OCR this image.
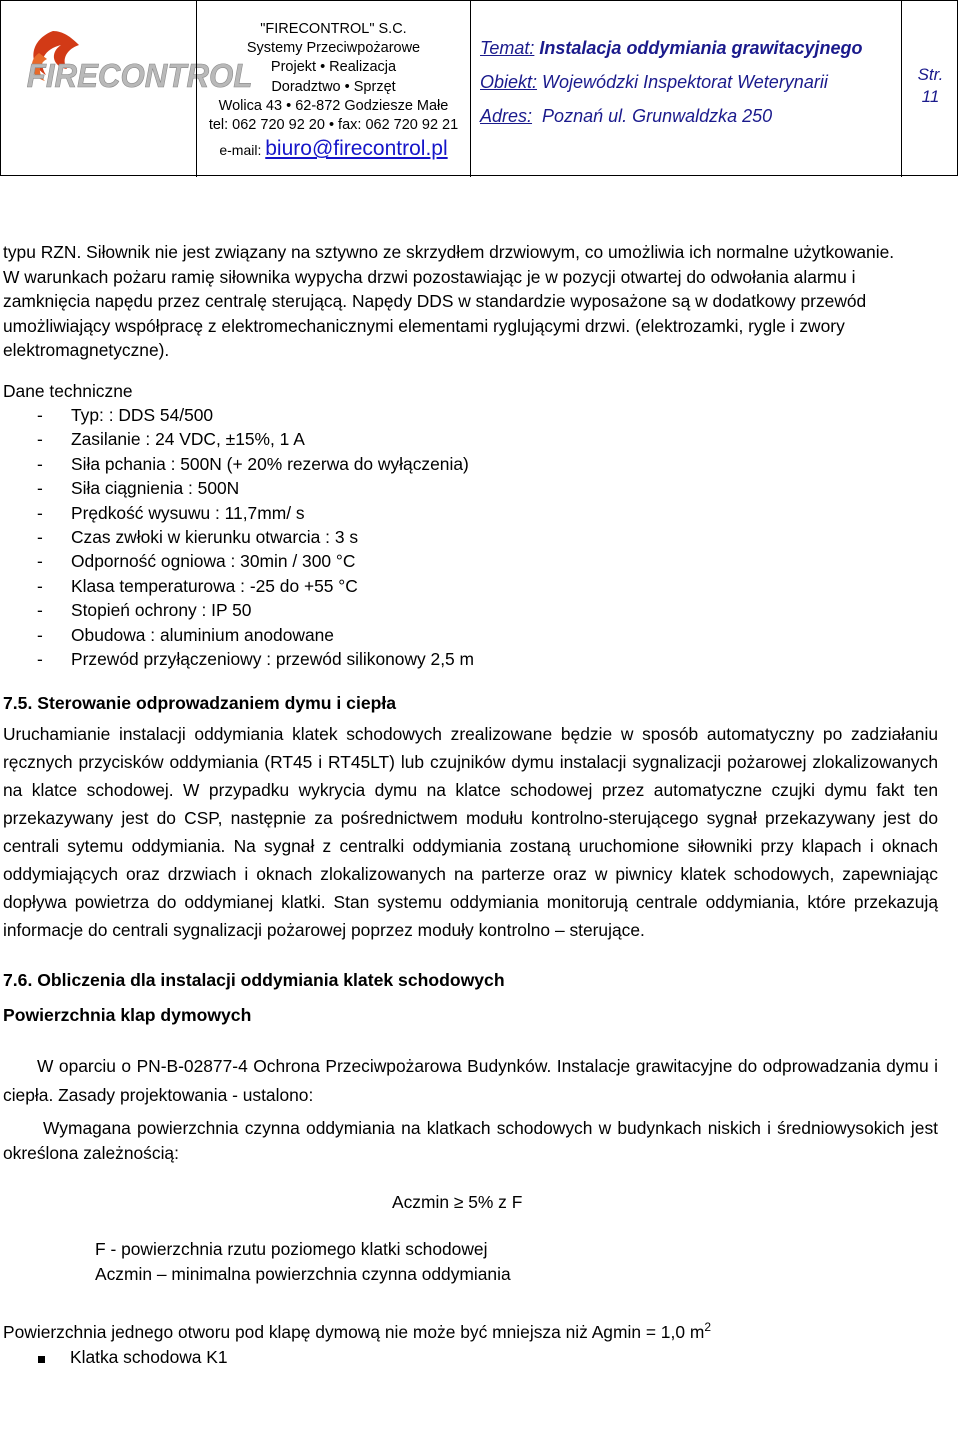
FIRECONTROL
"FIRECONTROL" S.C.
Systemy Przeciwpożarowe
Projekt • Realizacja
Doradztwo • Sprzęt
Wolica 43 • 62-872 Godziesze Małe
tel: 062 720 92 20 • fax: 062 720 92 21
e-mail: biuro@firecontrol.pl
Temat: Instalacja oddymiania grawitacyjnego
Obiekt: Wojewódzki Inspektorat Weterynarii
Adres: Poznań ul. Grunwaldzka 250
Str.
11

typu RZN. Siłownik nie jest związany na sztywno ze skrzydłem drzwiowym, co umożliwia ich normalne użytkowanie.

W warunkach pożaru ramię siłownika wypycha drzwi pozostawiając je w pozycji otwartej do odwołania alarmu i zamknięcia napędu przez centralę sterującą. Napędy DDS w standardzie wyposażone są w dodatkowy przewód umożliwiający współpracę z elektromechanicznymi elementami ryglującymi drzwi. (elektrozamki, rygle i zwory elektromagnetyczne).

Dane techniczne

- Typ: : DDS 54/500
- Zasilanie : 24 VDC, ±15%, 1 A
- Siła pchania : 500N (+ 20% rezerwa do wyłączenia)
- Siła ciągnienia : 500N
- Prędkość wysuwu : 11,7mm/ s
- Czas zwłoki w kierunku otwarcia : 3 s
- Odporność ogniowa : 30min / 300 °C
- Klasa temperaturowa : -25 do +55 °C
- Stopień ochrony : IP 50
- Obudowa : aluminium anodowane
- Przewód przyłączeniowy : przewód silikonowy 2,5 m

7.5. Sterowanie odprowadzaniem dymu i ciepła

Uruchamianie instalacji oddymiania klatek schodowych zrealizowane będzie w sposób automatyczny po zadziałaniu ręcznych przycisków oddymiania (RT45 i RT45LT) lub czujników dymu instalacji sygnalizacji pożarowej zlokalizowanych na klatce schodowej. W przypadku wykrycia dymu na klatce schodowej przez automatyczne czujki dymu fakt ten przekazywany jest do CSP, następnie za pośrednictwem modułu kontrolno-sterującego sygnał przekazywany jest do centrali sytemu oddymiania. Na sygnał z centralki oddymiania zostaną uruchomione siłowniki przy klapach i oknach oddymiających oraz drzwiach i oknach zlokalizowanych na parterze oraz w piwnicy klatek schodowych, zapewniając dopływa powietrza do oddymianej klatki. Stan systemu oddymiania monitorują centrale oddymiania, które przekazują informacje do centrali sygnalizacji pożarowej poprzez moduły kontrolno – sterujące.

7.6. Obliczenia dla instalacji oddymiania klatek schodowych

Powierzchnia klap dymowych

W oparciu o PN-B-02877-4 Ochrona Przeciwpożarowa Budynków. Instalacje grawitacyjne do odprowadzania dymu i ciepła. Zasady projektowania - ustalono:

Wymagana powierzchnia czynna oddymiania na klatkach schodowych w budynkach niskich i średniowysokich jest określona zależnością:

Aczmin ≥ 5% z F

F - powierzchnia rzutu poziomego klatki schodowej

Aczmin – minimalna powierzchnia czynna oddymiania

Powierzchnia jednego otworu pod klapę dymową nie może być mniejsza niż Agmin = 1,0 $m^2$

Klatka schodowa K1
